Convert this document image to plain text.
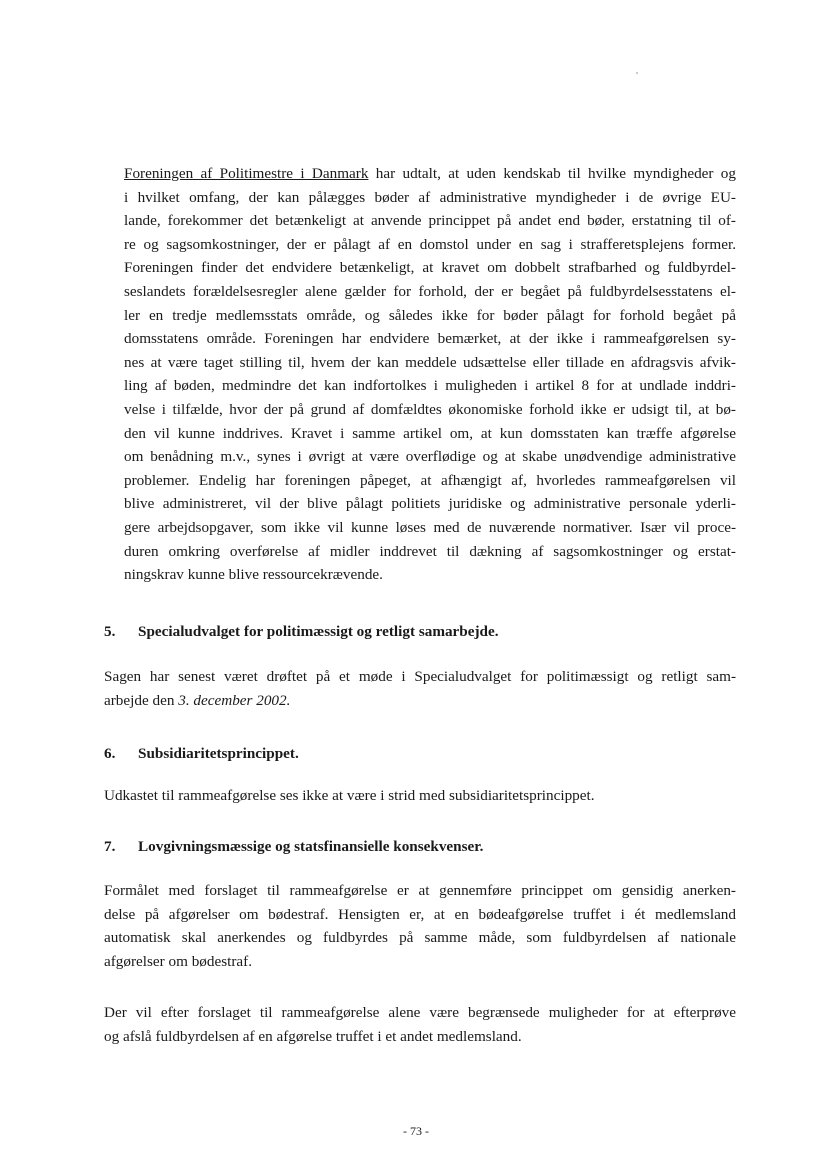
Foreningen af Politimestre i Danmark har udtalt, at uden kendskab til hvilke myndigheder og
i hvilket omfang, der kan pålægges bøder af administrative myndigheder i de øvrige EU-
lande, forekommer det betænkeligt at anvende princippet på andet end bøder, erstatning til of-
re og sagsomkostninger, der er pålagt af en domstol under en sag i strafferetsplejens former.
Foreningen finder det endvidere betænkeligt, at kravet om dobbelt strafbarhed og fuldbyrdel-
seslandets forældelsesregler alene gælder for forhold, der er begået på fuldbyrdelsesstatens el-
ler en tredje medlemsstats område, og således ikke for bøder pålagt for forhold begået på
domsstatens område. Foreningen har endvidere bemærket, at der ikke i rammeafgørelsen sy-
nes at være taget stilling til, hvem der kan meddele udsættelse eller tillade en afdragsvis afvik-
ling af bøden, medmindre det kan indfortolkes i muligheden i artikel 8 for at undlade inddri-
velse i tilfælde, hvor der på grund af domfældtes økonomiske forhold ikke er udsigt til, at bø-
den vil kunne inddrives. Kravet i samme artikel om, at kun domsstaten kan træffe afgørelse
om benådning m.v., synes i øvrigt at være overflødige og at skabe unødvendige administrative
problemer. Endelig har foreningen påpeget, at afhængigt af, hvorledes rammeafgørelsen vil
blive administreret, vil der blive pålagt politiets juridiske og administrative personale yderli-
gere arbejdsopgaver, som ikke vil kunne løses med de nuværende normativer. Især vil proce-
duren omkring overførelse af midler inddrevet til dækning af sagsomkostninger og erstat-
ningskrav kunne blive ressourcekrævende.
5. Specialudvalget for politimæssigt og retligt samarbejde.
Sagen har senest været drøftet på et møde i Specialudvalget for politimæssigt og retligt sam-
arbejde den 3. december 2002.
6. Subsidiaritetsprincippet.
Udkastet til rammeafgørelse ses ikke at være i strid med subsidiaritetsprincippet.
7. Lovgivningsmæssige og statsfinansielle konsekvenser.
Formålet med forslaget til rammeafgørelse er at gennemføre princippet om gensidig anerken-
delse på afgørelser om bødestraf. Hensigten er, at en bødeafgørelse truffet i ét medlemsland
automatisk skal anerkendes og fuldbyrdes på samme måde, som fuldbyrdelsen af nationale
afgørelser om bødestraf.
Der vil efter forslaget til rammeafgørelse alene være begrænsede muligheder for at efterprøve
og afslå fuldbyrdelsen af en afgørelse truffet i et andet medlemsland.
- 73 -
